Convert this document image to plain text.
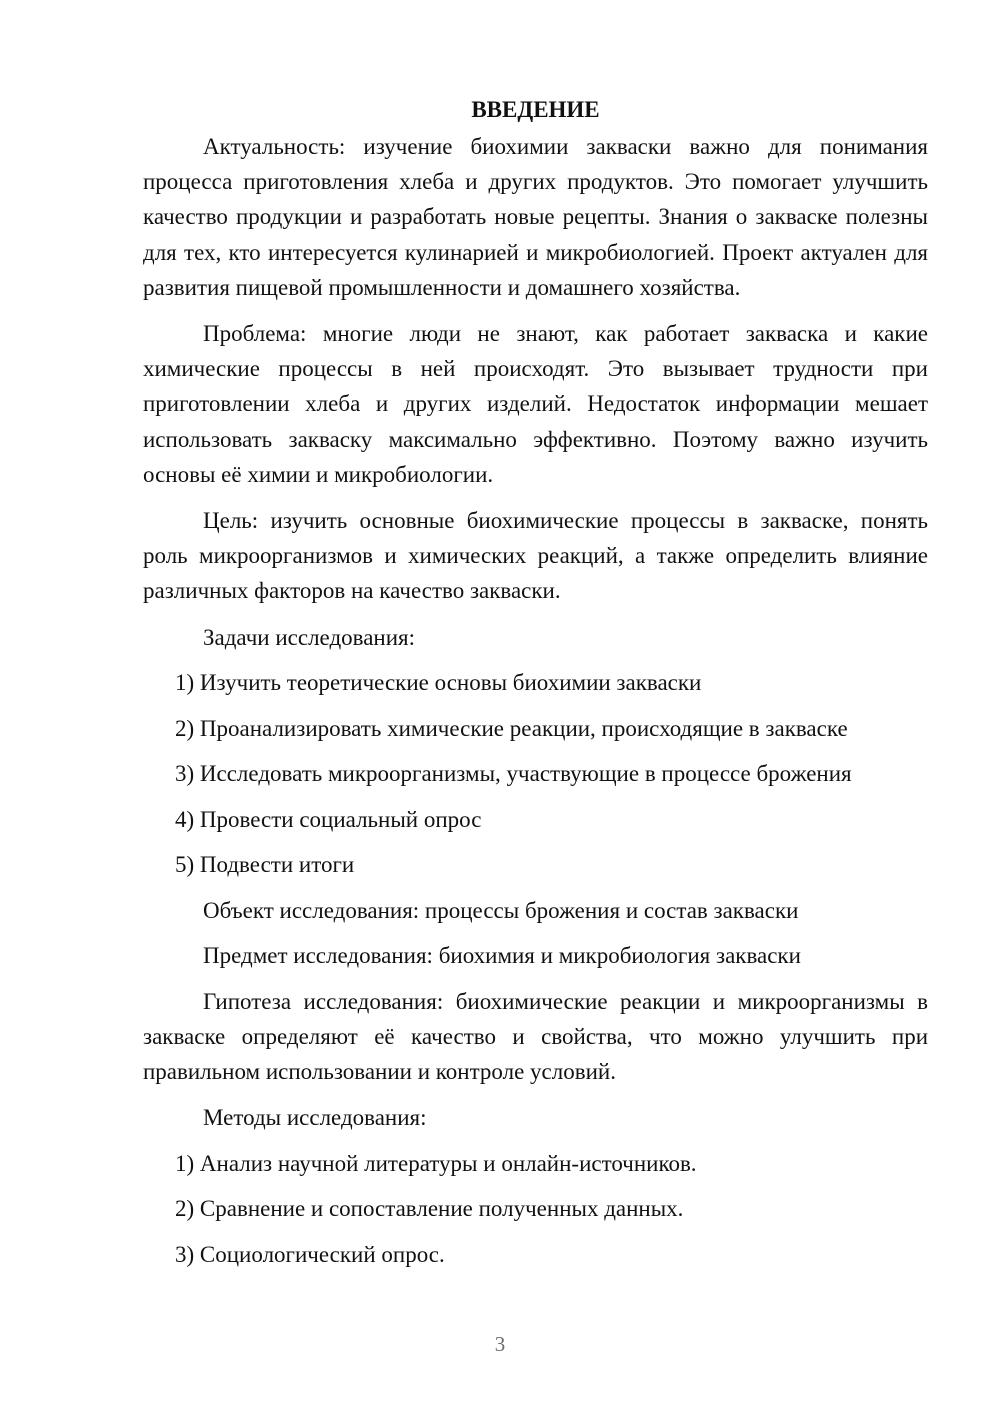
ВВЕДЕНИЕ

Актуальность: изучение биохимии закваски важно для понимания процесса приготовления хлеба и других продуктов. Это помогает улучшить качество продукции и разработать новые рецепты. Знания о закваске полезны для тех, кто интересуется кулинарией и микробиологией. Проект актуален для развития пищевой промышленности и домашнего хозяйства.

Проблема: многие люди не знают, как работает закваска и какие химические процессы в ней происходят. Это вызывает трудности при приготовлении хлеба и других изделий. Недостаток информации мешает использовать закваску максимально эффективно. Поэтому важно изучить основы её химии и микробиологии.

Цель: изучить основные биохимические процессы в закваске, понять роль микроорганизмов и химических реакций, а также определить влияние различных факторов на качество закваски.

Задачи исследования:

1) Изучить теоретические основы биохимии закваски

2) Проанализировать химические реакции, происходящие в закваске

3) Исследовать микроорганизмы, участвующие в процессе брожения

4) Провести социальный опрос

5) Подвести итоги

Объект исследования: процессы брожения и состав закваски

Предмет исследования: биохимия и микробиология закваски

Гипотеза исследования: биохимические реакции и микроорганизмы в закваске определяют её качество и свойства, что можно улучшить при правильном использовании и контроле условий.

Методы исследования:

1) Анализ научной литературы и онлайн-источников.

2) Сравнение и сопоставление полученных данных.

3) Социологический опрос.

3
